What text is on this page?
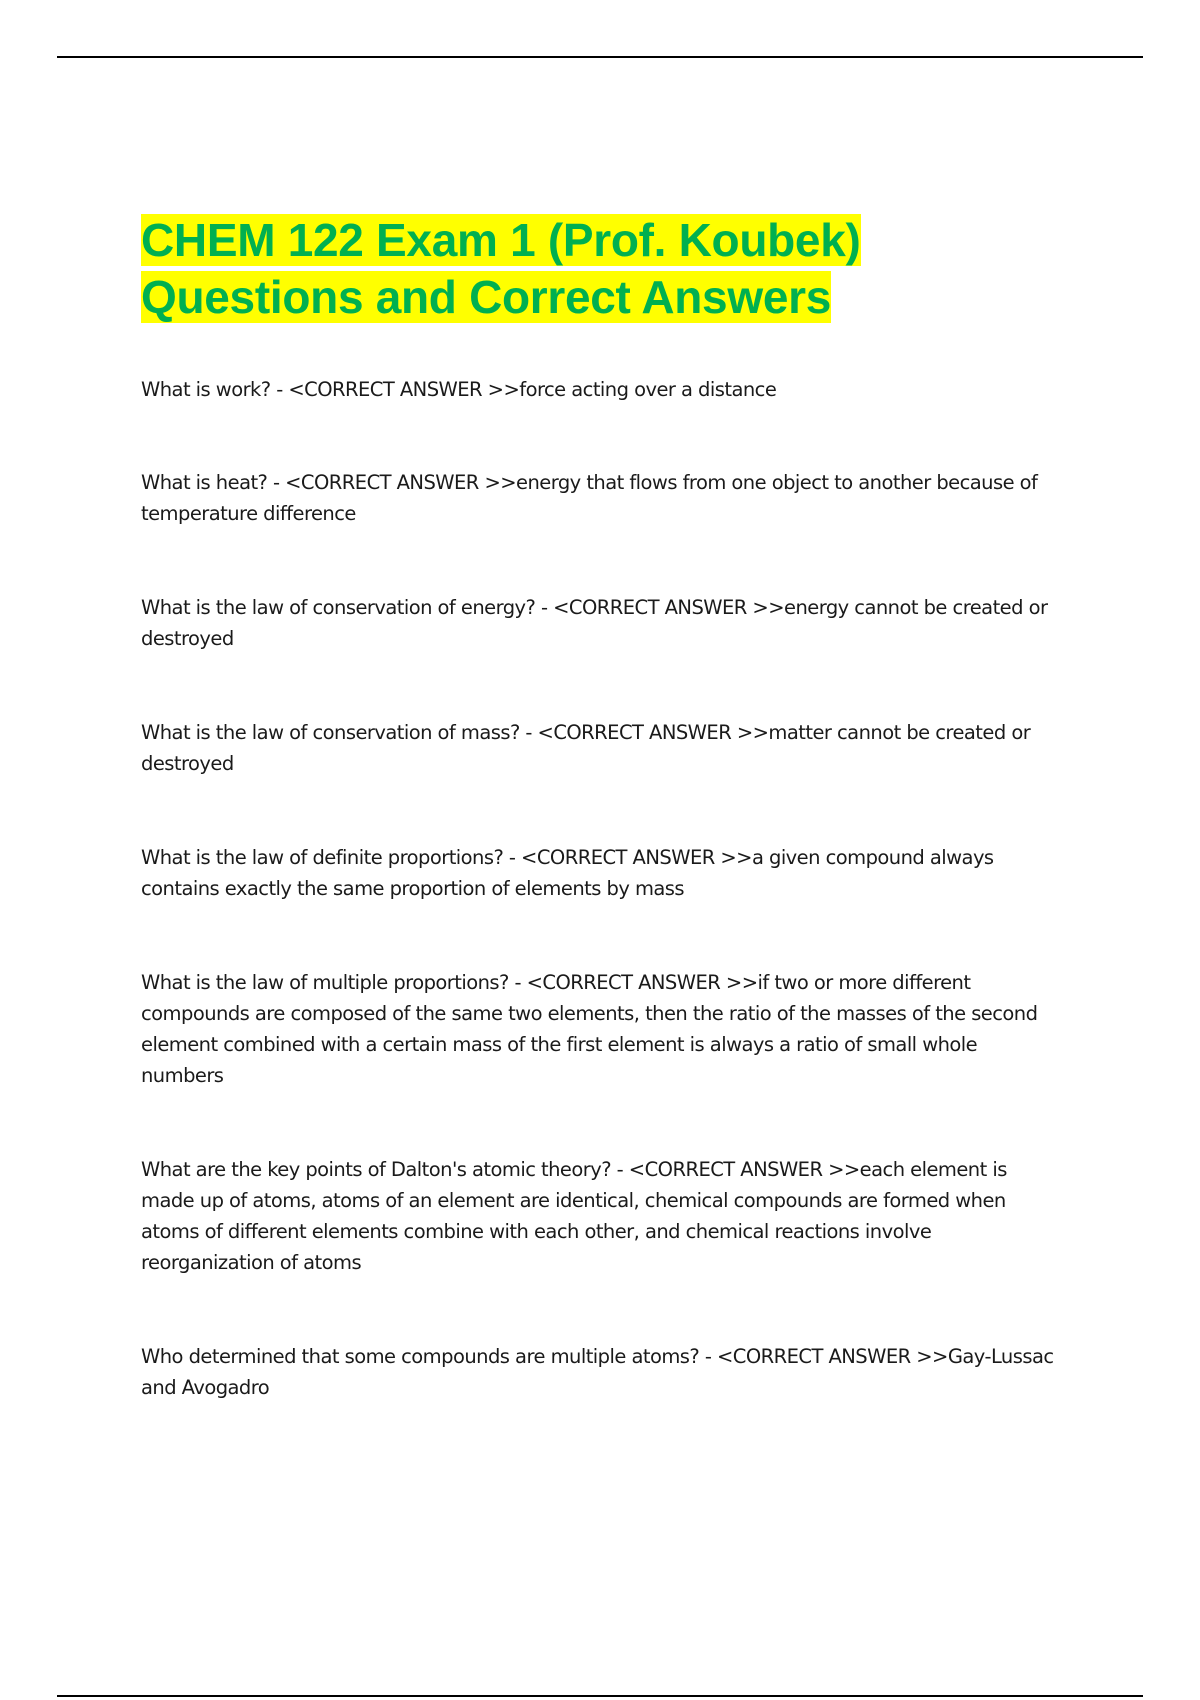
CHEM 122 Exam 1 (Prof. Koubek)
Questions and Correct Answers

What is work? - <CORRECT ANSWER >>force acting over a distance

What is heat? - <CORRECT ANSWER >>energy that flows from one object to another because of temperature difference

What is the law of conservation of energy? - <CORRECT ANSWER >>energy cannot be created or destroyed

What is the law of conservation of mass? - <CORRECT ANSWER >>matter cannot be created or destroyed

What is the law of definite proportions? - <CORRECT ANSWER >>a given compound always contains exactly the same proportion of elements by mass

What is the law of multiple proportions? - <CORRECT ANSWER >>if two or more different compounds are composed of the same two elements, then the ratio of the masses of the second element combined with a certain mass of the first element is always a ratio of small whole numbers

What are the key points of Dalton's atomic theory? - <CORRECT ANSWER >>each element is made up of atoms, atoms of an element are identical, chemical compounds are formed when atoms of different elements combine with each other, and chemical reactions involve reorganization of atoms

Who determined that some compounds are multiple atoms? - <CORRECT ANSWER >>Gay-Lussac and Avogadro
